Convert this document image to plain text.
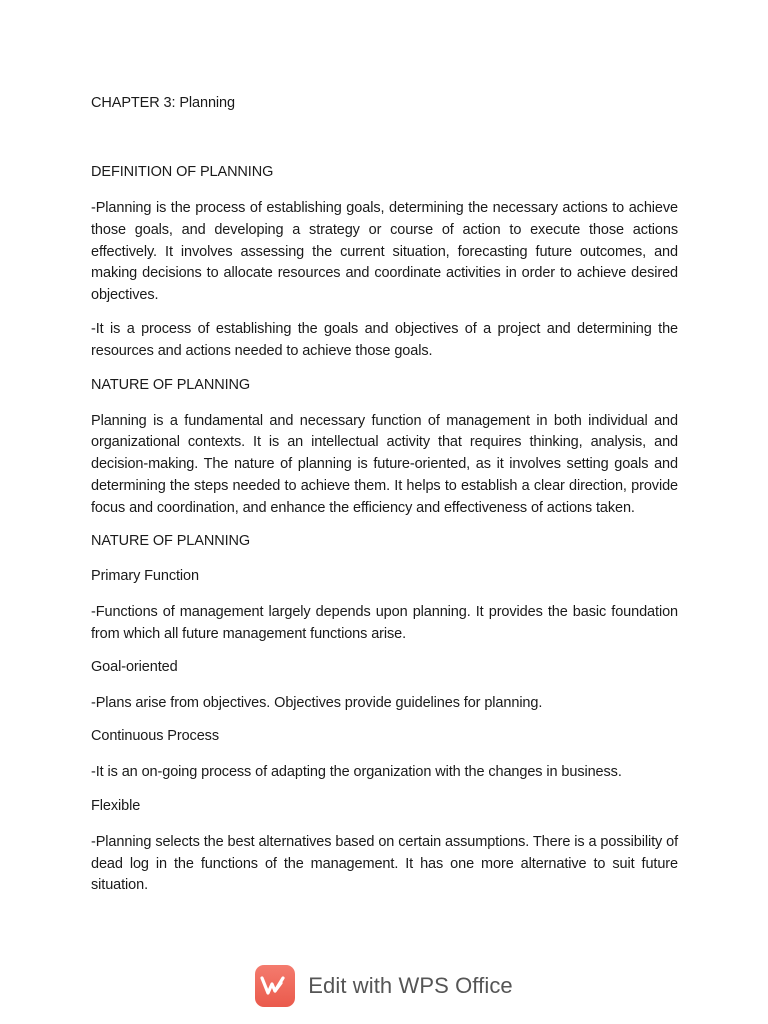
CHAPTER 3: Planning
DEFINITION OF PLANNING

-Planning is the process of establishing goals, determining the necessary actions to achieve those goals, and developing a strategy or course of action to execute those actions effectively. It involves assessing the current situation, forecasting future outcomes, and making decisions to allocate resources and coordinate activities in order to achieve desired objectives.

-It is a process of establishing the goals and objectives of a project and determining the resources and actions needed to achieve those goals.

NATURE OF PLANNING

Planning is a fundamental and necessary function of management in both individual and organizational contexts. It is an intellectual activity that requires thinking, analysis, and decision-making. The nature of planning is future-oriented, as it involves setting goals and determining the steps needed to achieve them. It helps to establish a clear direction, provide focus and coordination, and enhance the efficiency and effectiveness of actions taken.

NATURE OF PLANNING
Primary Function

-Functions of management largely depends upon planning. It provides the basic foundation from which all future management functions arise.

Goal-oriented

-Plans arise from objectives. Objectives provide guidelines for planning.

Continuous Process

-It is an on-going process of adapting the organization with the changes in business.

Flexible

-Planning selects the best alternatives based on certain assumptions. There is a possibility of dead log in the functions of the management. It has one more alternative to suit future situation.

Edit with WPS Office
